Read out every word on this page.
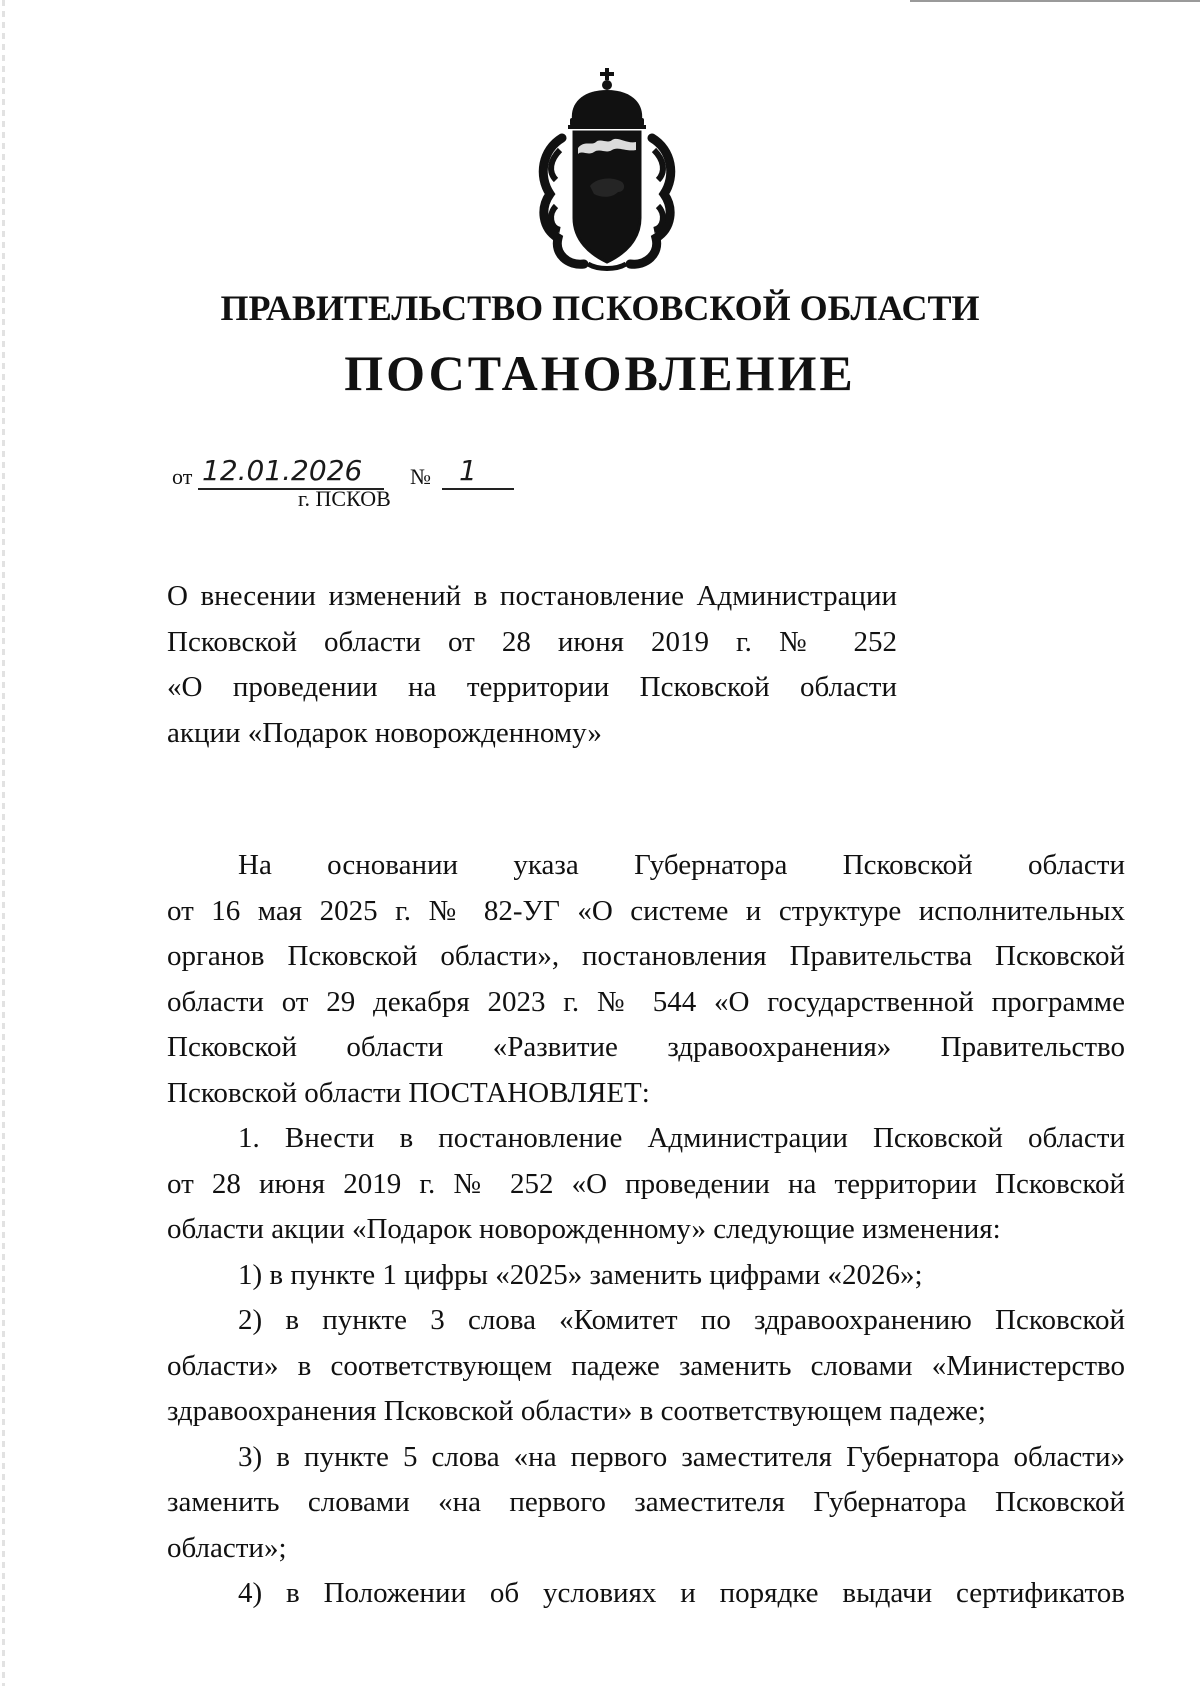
ПРАВИТЕЛЬСТВО ПСКОВСКОЙ ОБЛАСТИ
ПОСТАНОВЛЕНИЕ
от 12.01.2026 № 1
г. ПСКОВ
О внесении изменений в постановление Администрации
Псковской области от 28 июня 2019 г. № 252
«О проведении на территории Псковской области
акции «Подарок новорожденному»
На основании указа Губернатора Псковской области
от 16 мая 2025 г. № 82-УГ «О системе и структуре исполнительных
органов Псковской области», постановления Правительства Псковской
области от 29 декабря 2023 г. № 544 «О государственной программе
Псковской области «Развитие здравоохранения» Правительство
Псковской области ПОСТАНОВЛЯЕТ:
1. Внести в постановление Администрации Псковской области
от 28 июня 2019 г. № 252 «О проведении на территории Псковской
области акции «Подарок новорожденному» следующие изменения:
1) в пункте 1 цифры «2025» заменить цифрами «2026»;
2) в пункте 3 слова «Комитет по здравоохранению Псковской
области» в соответствующем падеже заменить словами «Министерство
здравоохранения Псковской области» в соответствующем падеже;
3) в пункте 5 слова «на первого заместителя Губернатора области»
заменить словами «на первого заместителя Губернатора Псковской
области»;
4) в Положении об условиях и порядке выдачи сертификатов
